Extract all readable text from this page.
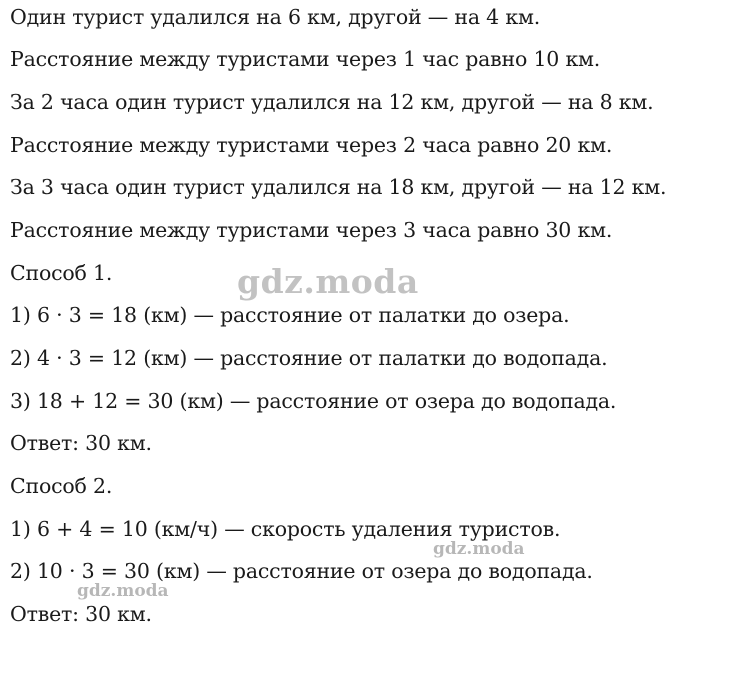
Один турист удалился на 6 км, другой — на 4 км.
Расстояние между туристами через 1 час равно 10 км.
За 2 часа один турист удалился на 12 км, другой — на 8 км.
Расстояние между туристами через 2 часа равно 20 км.
За 3 часа один турист удалился на 18 км, другой — на 12 км.
Расстояние между туристами через 3 часа равно 30 км.
Способ 1.
1) 6 · 3 = 18 (км) — расстояние от палатки до озера.
2) 4 · 3 = 12 (км) — расстояние от палатки до водопада.
3) 18 + 12 = 30 (км) — расстояние от озера до водопада.
Ответ: 30 км.
Способ 2.
1) 6 + 4 = 10 (км/ч) — скорость удаления туристов.
2) 10 · 3 = 30 (км) — расстояние от озера до водопада.
Ответ: 30 км.
gdz.moda
gdz.moda
gdz.moda
